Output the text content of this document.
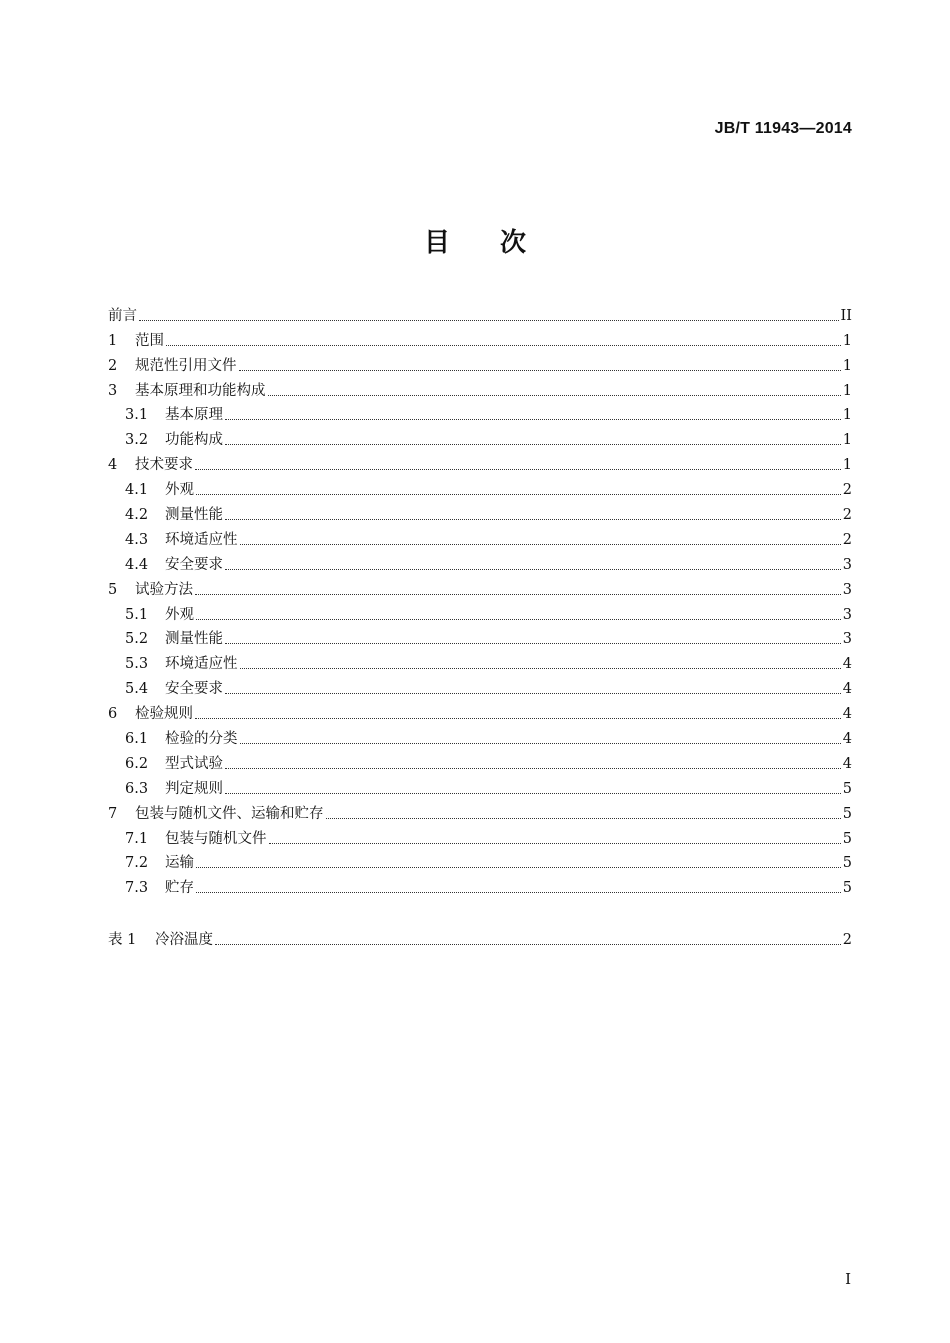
JB/T 11943—2014
目次
前言	II
1	范围	1
2	规范性引用文件	1
3	基本原理和功能构成	1
3.1	基本原理	1
3.2	功能构成	1
4	技术要求	1
4.1	外观	2
4.2	测量性能	2
4.3	环境适应性	2
4.4	安全要求	3
5	试验方法	3
5.1	外观	3
5.2	测量性能	3
5.3	环境适应性	4
5.4	安全要求	4
6	检验规则	4
6.1	检验的分类	4
6.2	型式试验	4
6.3	判定规则	5
7	包装与随机文件、运输和贮存	5
7.1	包装与随机文件	5
7.2	运输	5
7.3	贮存	5
表 1	冷浴温度	2
I
